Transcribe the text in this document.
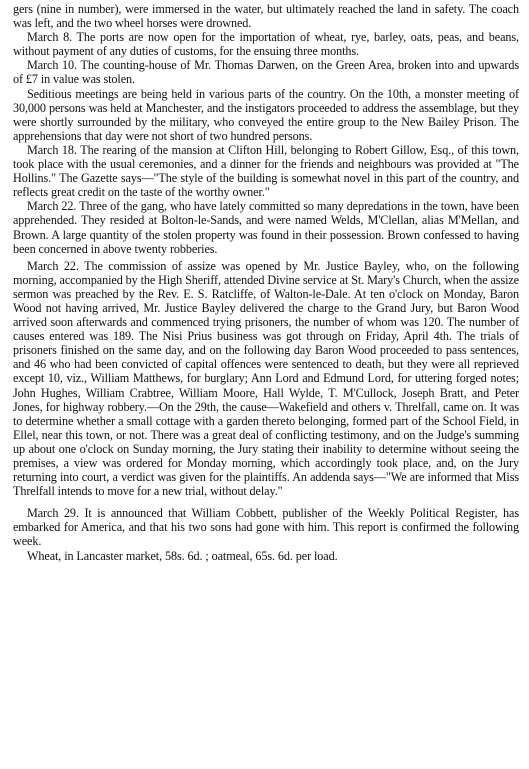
gers (nine in number), were immersed in the water, but ultimately reached the land in safety. The coach was left, and the two wheel horses were drowned.

March 8. The ports are now open for the importation of wheat, rye, barley, oats, peas, and beans, without payment of any duties of customs, for the ensuing three months.

March 10. The counting-house of Mr. Thomas Darwen, on the Green Area, broken into and upwards of £7 in value was stolen.

Seditious meetings are being held in various parts of the country. On the 10th, a monster meeting of 30,000 persons was held at Manchester, and the instigators proceeded to address the assemblage, but they were shortly surrounded by the military, who conveyed the entire group to the New Bailey Prison. The apprehensions that day were not short of two hundred persons.

March 18. The rearing of the mansion at Clifton Hill, belonging to Robert Gillow, Esq., of this town, took place with the usual ceremonies, and a dinner for the friends and neighbours was provided at "The Hollins." The Gazette says—"The style of the building is somewhat novel in this part of the country, and reflects great credit on the taste of the worthy owner."

March 22. Three of the gang, who have lately committed so many depredations in the town, have been apprehended. They resided at Bolton-le-Sands, and were named Welds, M'Clellan, alias M'Mellan, and Brown. A large quantity of the stolen property was found in their possession. Brown confessed to having been concerned in above twenty robberies.

March 22. The commission of assize was opened by Mr. Justice Bayley, who, on the following morning, accompanied by the High Sheriff, attended Divine service at St. Mary's Church, when the assize sermon was preached by the Rev. E. S. Ratcliffe, of Walton-le-Dale. At ten o'clock on Monday, Baron Wood not having arrived, Mr. Justice Bayley delivered the charge to the Grand Jury, but Baron Wood arrived soon afterwards and commenced trying prisoners, the number of whom was 120. The number of causes entered was 189. The Nisi Prius business was got through on Friday, April 4th. The trials of prisoners finished on the same day, and on the following day Baron Wood proceeded to pass sentences, and 46 who had been convicted of capital offences were sentenced to death, but they were all reprieved except 10, viz., William Matthews, for burglary; Ann Lord and Edmund Lord, for uttering forged notes; John Hughes, William Crabtree, William Moore, Hall Wylde, T. M'Cullock, Joseph Bratt, and Peter Jones, for highway robbery.—On the 29th, the cause—Wakefield and others v. Threlfall, came on. It was to determine whether a small cottage with a garden thereto belonging, formed part of the School Field, in Ellel, near this town, or not. There was a great deal of conflicting testimony, and on the Judge's summing up about one o'clock on Sunday morning, the Jury stating their inability to determine without seeing the premises, a view was ordered for Monday morning, which accordingly took place, and, on the Jury returning into court, a verdict was given for the plaintiffs. An addenda says—"We are informed that Miss Threlfall intends to move for a new trial, without delay."

March 29. It is announced that William Cobbett, publisher of the Weekly Political Register, has embarked for America, and that his two sons had gone with him. This report is confirmed the following week.

Wheat, in Lancaster market, 58s. 6d. ; oatmeal, 65s. 6d. per load.
